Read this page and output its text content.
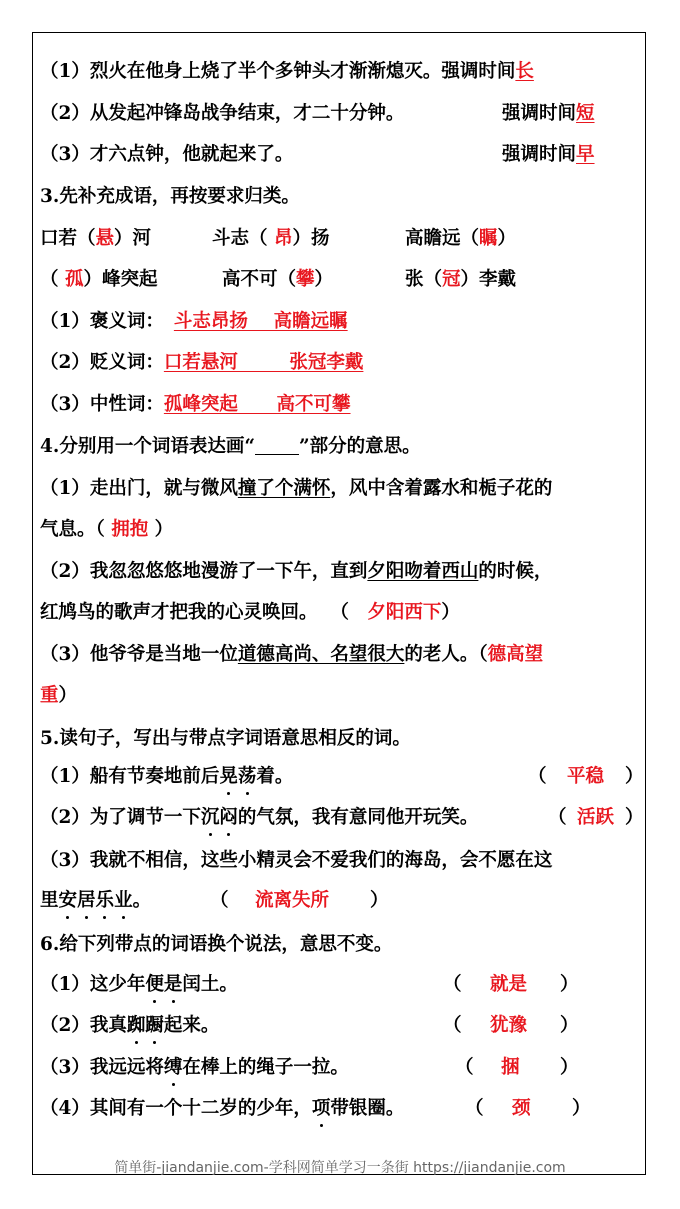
（1）烈火在他身上烧了半个多钟头才渐渐熄灭。强调时间长
（2）从发起冲锋岛战争结束，才二十分钟。	强调时间短
（3）才六点钟，他就起来了。	强调时间早
3.先补充成语，再按要求归类。
口若（悬）河	斗志（ 昂）扬	高瞻远（瞩）
（ 孤）峰突起	高不可（攀）	张（冠）李戴
（1）褒义词： 斗志昂扬    高瞻远瞩
（2）贬义词：口若悬河        张冠李戴
（3）中性词：孤峰突起      高不可攀
4.分别用一个词语表达画“ ”部分的意思。
（1）走出门，就与微风撞了个满怀，风中含着露水和栀子花的
气息。（ 拥抱 ）
（2）我忽忽悠悠地漫游了一下午，直到夕阳吻着西山的时候，
红鸠鸟的歌声才把我的心灵唤回。  （ 夕阳西下）
（3）他爷爷是当地一位道德高尚、名望很大的老人。（德高望
重）
5.读句子，写出与带点字词语意思相反的词。
（1）船有节奏地前后晃荡着。	（ 平稳 ）
（2）为了调节一下沉闷的气氛，我有意同他开玩笑。	（ 活跃 ）
（3）我就不相信，这些小精灵会不爱我们的海岛，会不愿在这
里安居乐业。	（ 流离失所 ）
6.给下列带点的词语换个说法，意思不变。
（1）这少年便是闰土。	（ 就是 ）
（2）我真踟蹰起来。	（ 犹豫 ）
（3）我远远将缚在棒上的绳子一拉。	（ 捆 ）
（4）其间有一个十二岁的少年，项带银圈。	（ 颈 ）
简单街-jiandanjie.com-学科网简单学习一条街 https://jiandanjie.com
